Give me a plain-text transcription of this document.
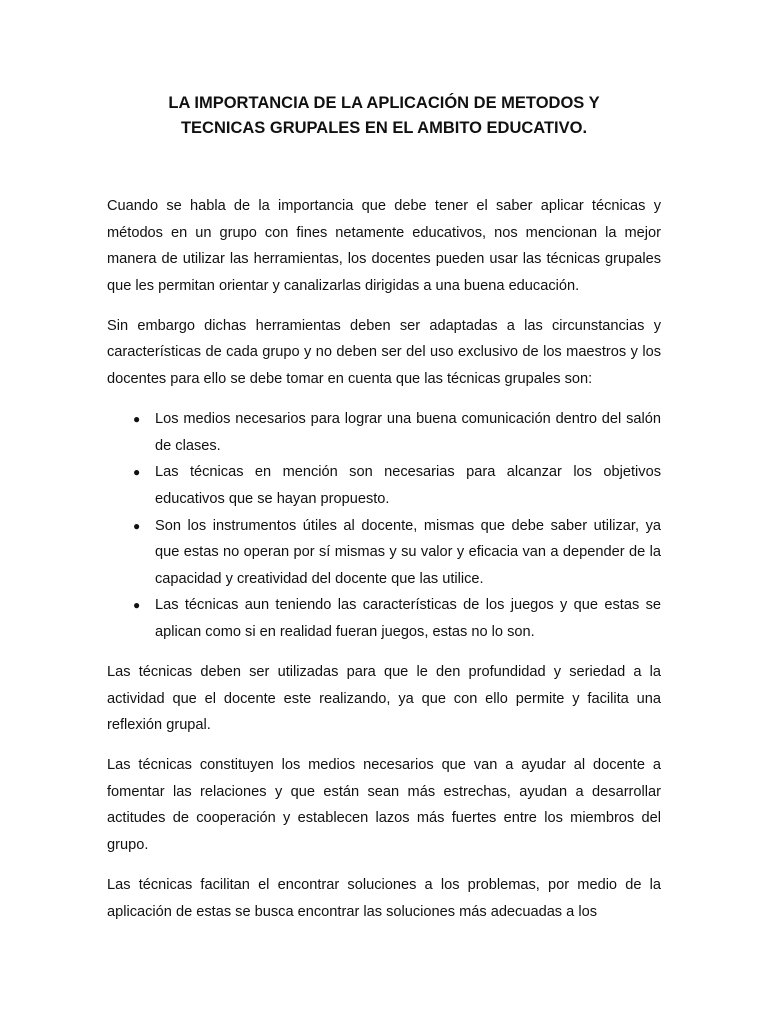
LA IMPORTANCIA DE LA APLICACIÓN DE METODOS Y
TECNICAS GRUPALES EN EL AMBITO EDUCATIVO.

Cuando se habla de la importancia que debe tener el saber aplicar técnicas y métodos en un grupo con fines netamente educativos, nos mencionan la mejor manera de utilizar las herramientas, los docentes pueden usar las técnicas grupales que les permitan orientar y canalizarlas dirigidas a una buena educación.

Sin embargo dichas herramientas deben ser adaptadas a las circunstancias y características de cada grupo y no deben ser del uso exclusivo de los maestros y los docentes para ello se debe tomar en cuenta que las técnicas grupales son:

● Los medios necesarios para lograr una buena comunicación dentro del salón de clases.
● Las técnicas en mención son necesarias para alcanzar los objetivos educativos que se hayan propuesto.
● Son los instrumentos útiles al docente, mismas que debe saber utilizar, ya que estas no operan por sí mismas y su valor y eficacia van a depender de la capacidad y creatividad del docente que las utilice.
● Las técnicas aun teniendo las características de los juegos y que estas se aplican como si en realidad fueran juegos, estas no lo son.

Las técnicas deben ser utilizadas para que le den profundidad y seriedad a la actividad que el docente este realizando, ya que con ello permite y facilita una reflexión grupal.

Las técnicas constituyen los medios necesarios que van a ayudar al docente a fomentar las relaciones y que están sean más estrechas, ayudan a desarrollar actitudes de cooperación y establecen lazos más fuertes entre los miembros del grupo.

Las técnicas facilitan el encontrar soluciones a los problemas, por medio de la aplicación de estas se busca encontrar las soluciones más adecuadas a los
